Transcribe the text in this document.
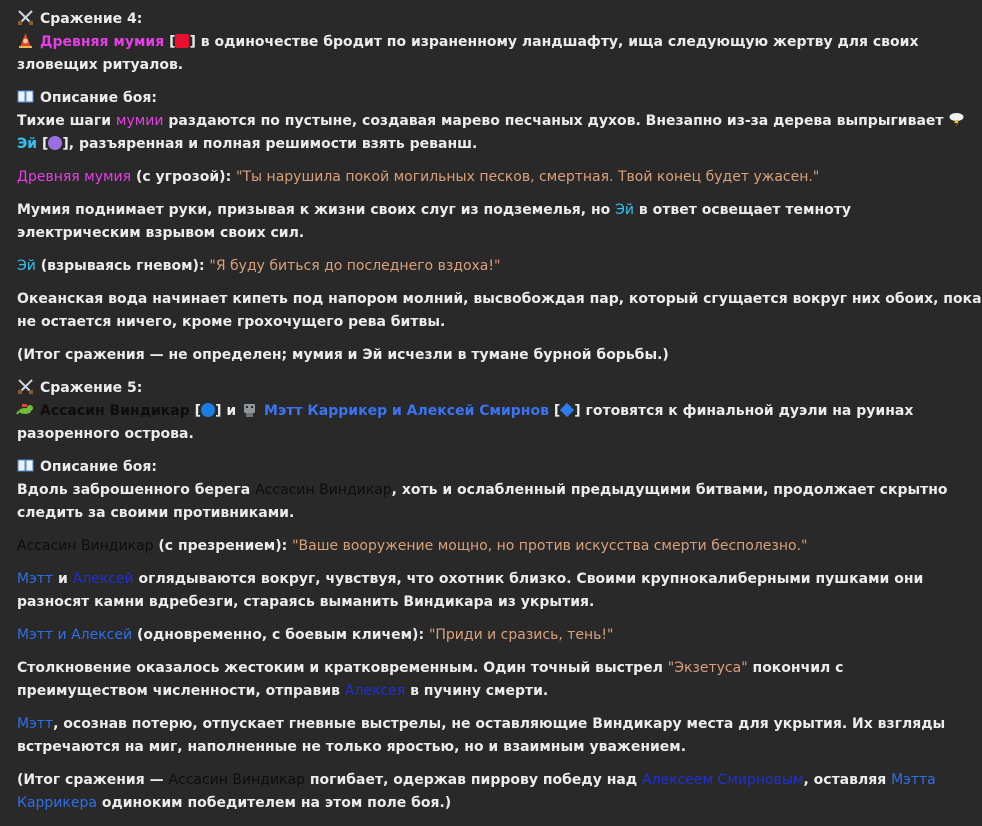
Сражение 4:
Древняя мумия [ ] в одиночестве бродит по израненному ландшафту, ища следующую жертву для своих
зловещих ритуалов.
Описание боя:
Тихие шаги мумии раздаются по пустыне, создавая марево песчаных духов. Внезапно из-за дерева выпрыгивает
Эй [ ], разъяренная и полная решимости взять реванш.
Древняя мумия (с угрозой): "Ты нарушила покой могильных песков, смертная. Твой конец будет ужасен."
Мумия поднимает руки, призывая к жизни своих слуг из подземелья, но Эй в ответ освещает темноту
электрическим взрывом своих сил.
Эй (взрываясь гневом): "Я буду биться до последнего вздоха!"
Океанская вода начинает кипеть под напором молний, высвобождая пар, который сгущается вокруг них обоих, пока
не остается ничего, кроме грохочущего рева битвы.
(Итог сражения — не определен; мумия и Эй исчезли в тумане бурной борьбы.)
Сражение 5:
Ассасин Виндикар [ ] и Мэтт Каррикер и Алексей Смирнов [ ] готовятся к финальной дуэли на руинах
разоренного острова.
Описание боя:
Вдоль заброшенного берега Ассасин Виндикар, хоть и ослабленный предыдущими битвами, продолжает скрытно
следить за своими противниками.
Ассасин Виндикар (с презрением): "Ваше вооружение мощно, но против искусства смерти бесполезно."
Мэтт и Алексей оглядываются вокруг, чувствуя, что охотник близко. Своими крупнокалиберными пушками они
разносят камни вдребезги, стараясь выманить Виндикара из укрытия.
Мэтт и Алексей (одновременно, с боевым кличем): "Приди и сразись, тень!"
Столкновение оказалось жестоким и кратковременным. Один точный выстрел "Экзетуса" покончил с
преимуществом численности, отправив Алексея в пучину смерти.
Мэтт, осознав потерю, отпускает гневные выстрелы, не оставляющие Виндикару места для укрытия. Их взгляды
встречаются на миг, наполненные не только яростью, но и взаимным уважением.
(Итог сражения — Ассасин Виндикар погибает, одержав пиррову победу над Алексеем Смирновым, оставляя Мэтта
Каррикера одиноким победителем на этом поле боя.)
